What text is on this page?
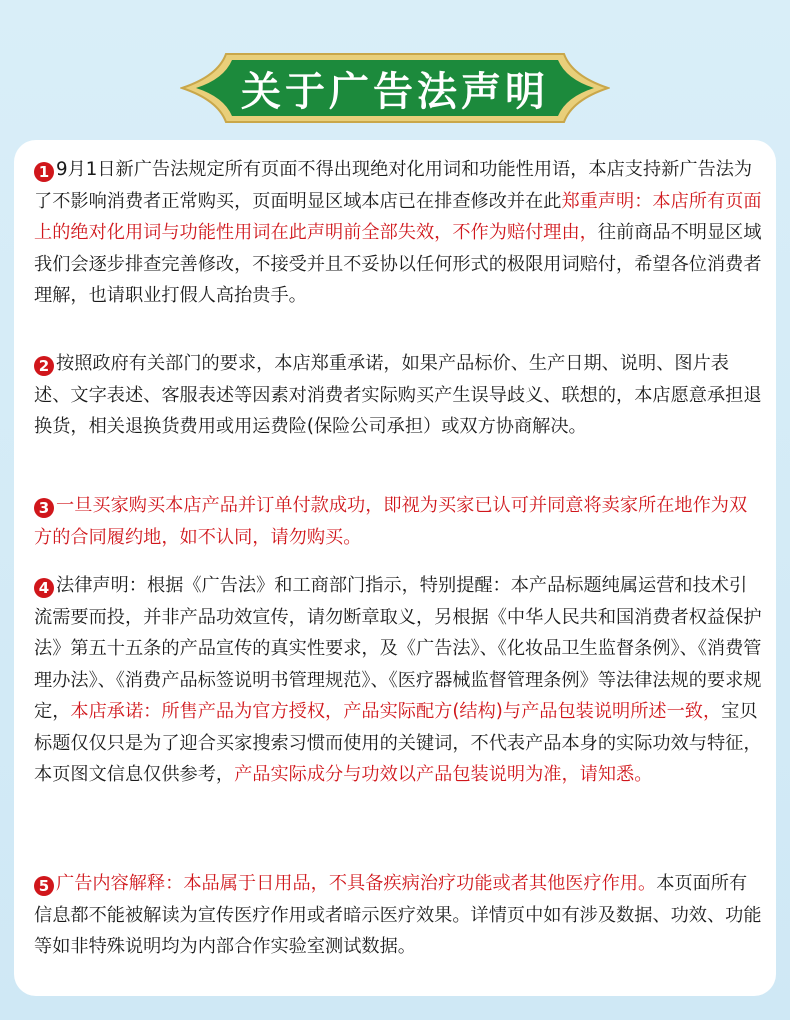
关于广告法声明
1 9月1日新广告法规定所有页面不得出现绝对化用词和功能性用语，本店支持新广告法为了不影响消费者正常购买，页面明显区域本店已在排查修改并在此郑重声明：本店所有页面上的绝对化用词与功能性用词在此声明前全部失效，不作为赔付理由，往前商品不明显区域我们会逐步排查完善修改，不接受并且不妥协以任何形式的极限用词赔付，希望各位消费者理解，也请职业打假人高抬贵手。
2 按照政府有关部门的要求，本店郑重承诺，如果产品标价、生产日期、说明、图片表述、文字表述、客服表述等因素对消费者实际购买产生误导歧义、联想的，本店愿意承担退换货，相关退换货费用或用运费险(保险公司承担）或双方协商解决。
3 一旦买家购买本店产品并订单付款成功，即视为买家已认可并同意将卖家所在地作为双方的合同履约地，如不认同，请勿购买。
4 法律声明：根据《广告法》和工商部门指示，特别提醒：本产品标题纯属运营和技术引流需要而投，并非产品功效宣传，请勿断章取义，另根据《中华人民共和国消费者权益保护法》第五十五条的产品宣传的真实性要求，及《广告法》、《化妆品卫生监督条例》、《消费管理办法》、《消费产品标签说明书管理规范》、《医疗器械监督管理条例》等法律法规的要求规定，本店承诺：所售产品为官方授权，产品实际配方(结构)与产品包装说明所述一致，宝贝标题仅仅只是为了迎合买家搜索习惯而使用的关键词，不代表产品本身的实际功效与特征，本页图文信息仅供参考，产品实际成分与功效以产品包装说明为准，请知悉。
5 广告内容解释：本品属于日用品，不具备疾病治疗功能或者其他医疗作用。本页面所有信息都不能被解读为宣传医疗作用或者暗示医疗效果。详情页中如有涉及数据、功效、功能等如非特殊说明均为内部合作实验室测试数据。
